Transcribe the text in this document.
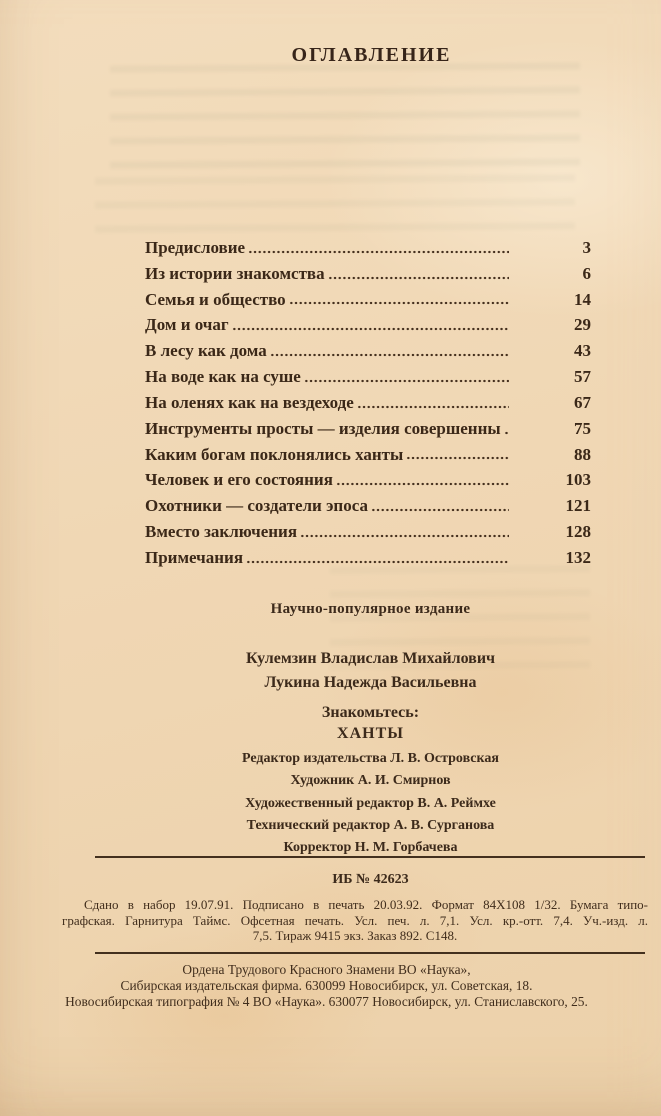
ОГЛАВЛЕНИЕ
Предисловие	3
Из истории знакомства	6
Семья и общество	14
Дом и очаг	29
В лесу как дома	43
На воде как на суше	57
На оленях как на вездеходе	67
Инструменты просты — изделия совершенны	75
Каким богам поклонялись ханты	88
Человек и его состояния	103
Охотники — создатели эпоса	121
Вместо заключения	128
Примечания	132
Научно-популярное издание
Кулемзин Владислав Михайлович
Лукина Надежда Васильевна
Знакомьтесь:
ХАНТЫ
Редактор издательства Л. В. Островская
Художник А. И. Смирнов
Художественный редактор В. А. Реймхе
Технический редактор А. В. Сурганова
Корректор Н. М. Горбачева
ИБ № 42623
Сдано в набор 19.07.91. Подписано в печать 20.03.92. Формат 84Х108 1/32. Бумага типо-
графская. Гарнитура Таймс. Офсетная печать. Усл. печ. л. 7,1. Усл. кр.-отт. 7,4. Уч.-изд. л.
7,5. Тираж 9415 экз. Заказ 892. С148.
Ордена Трудового Красного Знамени ВО «Наука»,
Сибирская издательская фирма. 630099 Новосибирск, ул. Советская, 18.
Новосибирская типография № 4 ВО «Наука». 630077 Новосибирск, ул. Станиславского, 25.
